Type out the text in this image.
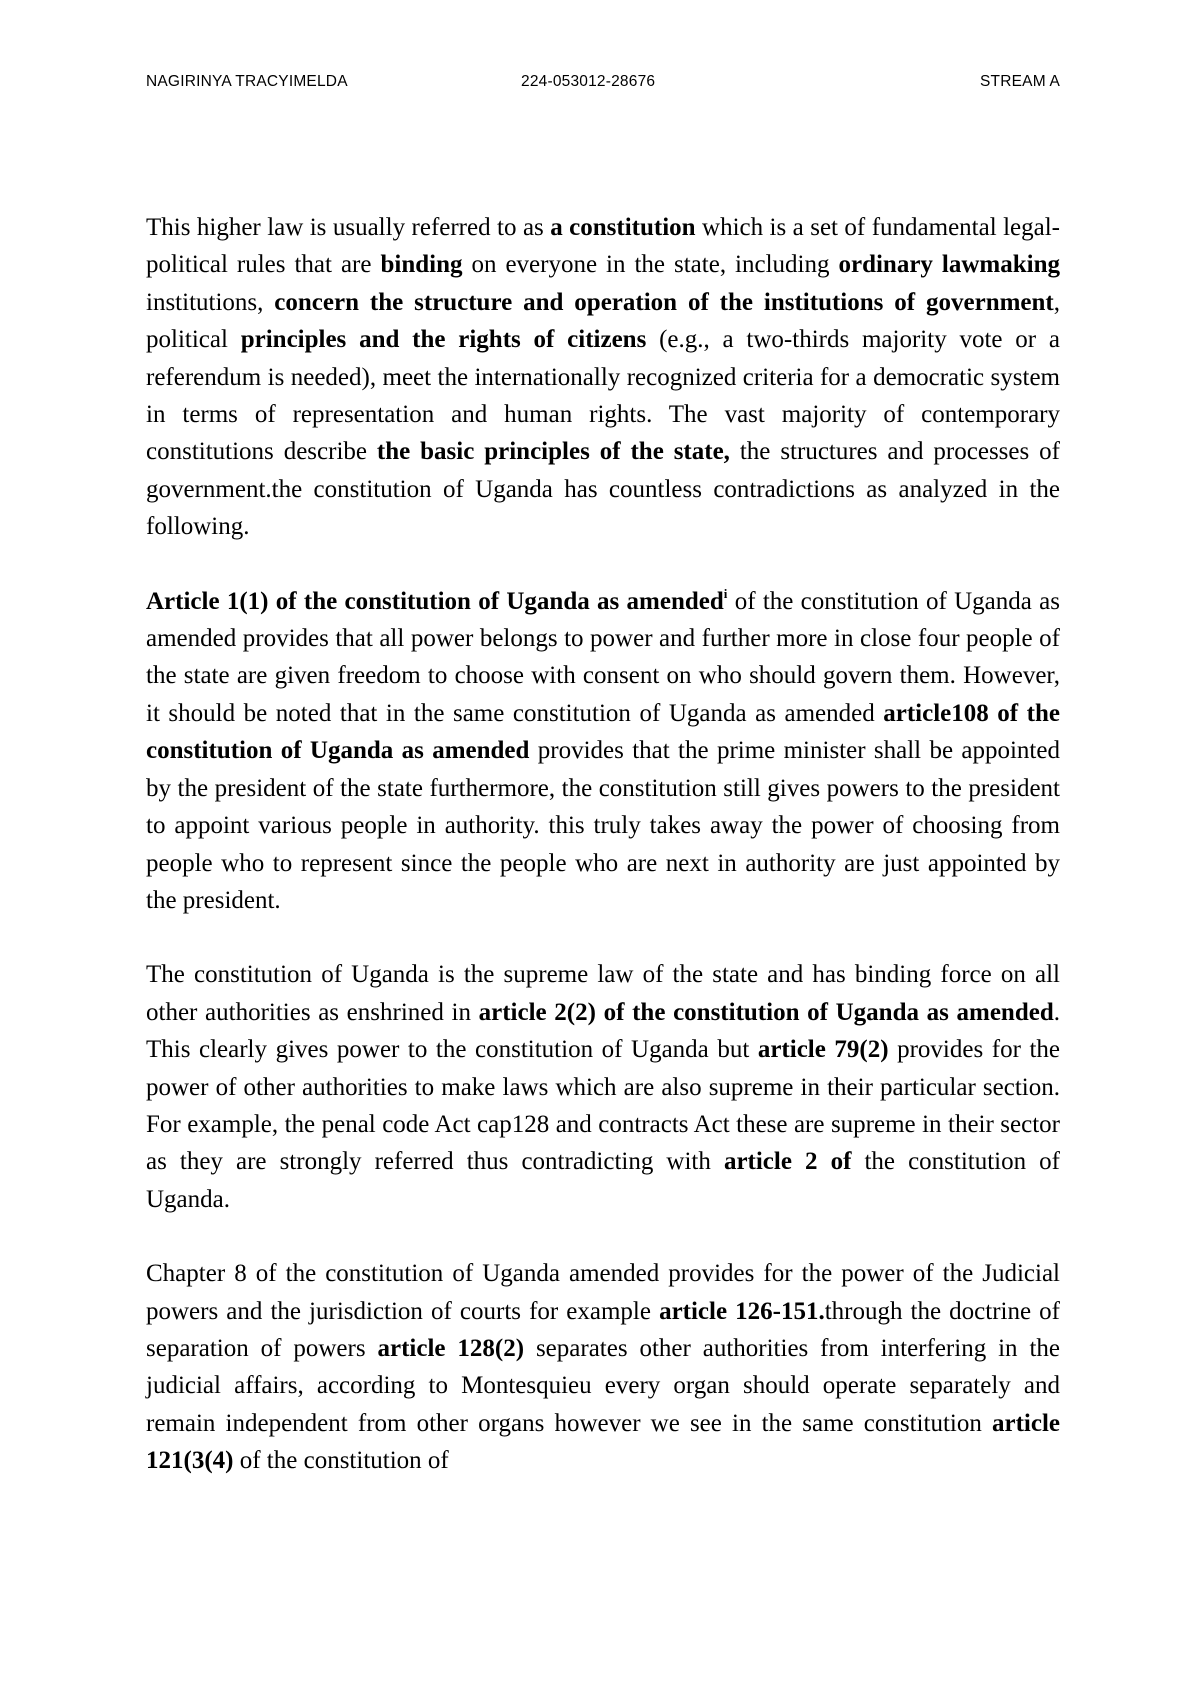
NAGIRINYA TRACYIMELDA	224-053012-28676	STREAM A

This higher law is usually referred to as a constitution which is a set of fundamental legal-political rules that are binding on everyone in the state, including ordinary lawmaking institutions, concern the structure and operation of the institutions of government, political principles and the rights of citizens (e.g., a two-thirds majority vote or a referendum is needed), meet the internationally recognized criteria for a democratic system in terms of representation and human rights. The vast majority of contemporary constitutions describe the basic principles of the state, the structures and processes of government.the constitution of Uganda has countless contradictions as analyzed in the following.

Article 1(1) of the constitution of Uganda as amended$^i$ of the constitution of Uganda as amended provides that all power belongs to power and further more in close four people of the state are given freedom to choose with consent on who should govern them. However, it should be noted that in the same constitution of Uganda as amended article108 of the constitution of Uganda as amended provides that the prime minister shall be appointed by the president of the state furthermore, the constitution still gives powers to the president to appoint various people in authority. this truly takes away the power of choosing from people who to represent since the people who are next in authority are just appointed by the president.

The constitution of Uganda is the supreme law of the state and has binding force on all other authorities as enshrined in article 2(2) of the constitution of Uganda as amended. This clearly gives power to the constitution of Uganda but article 79(2) provides for the power of other authorities to make laws which are also supreme in their particular section. For example, the penal code Act cap128 and contracts Act these are supreme in their sector as they are strongly referred thus contradicting with article 2 of the constitution of Uganda.

Chapter 8 of the constitution of Uganda amended provides for the power of the Judicial powers and the jurisdiction of courts for example article 126-151.through the doctrine of separation of powers article 128(2) separates other authorities from interfering in the judicial affairs, according to Montesquieu every organ should operate separately and remain independent from other organs however we see in the same constitution article 121(3(4) of the constitution of
